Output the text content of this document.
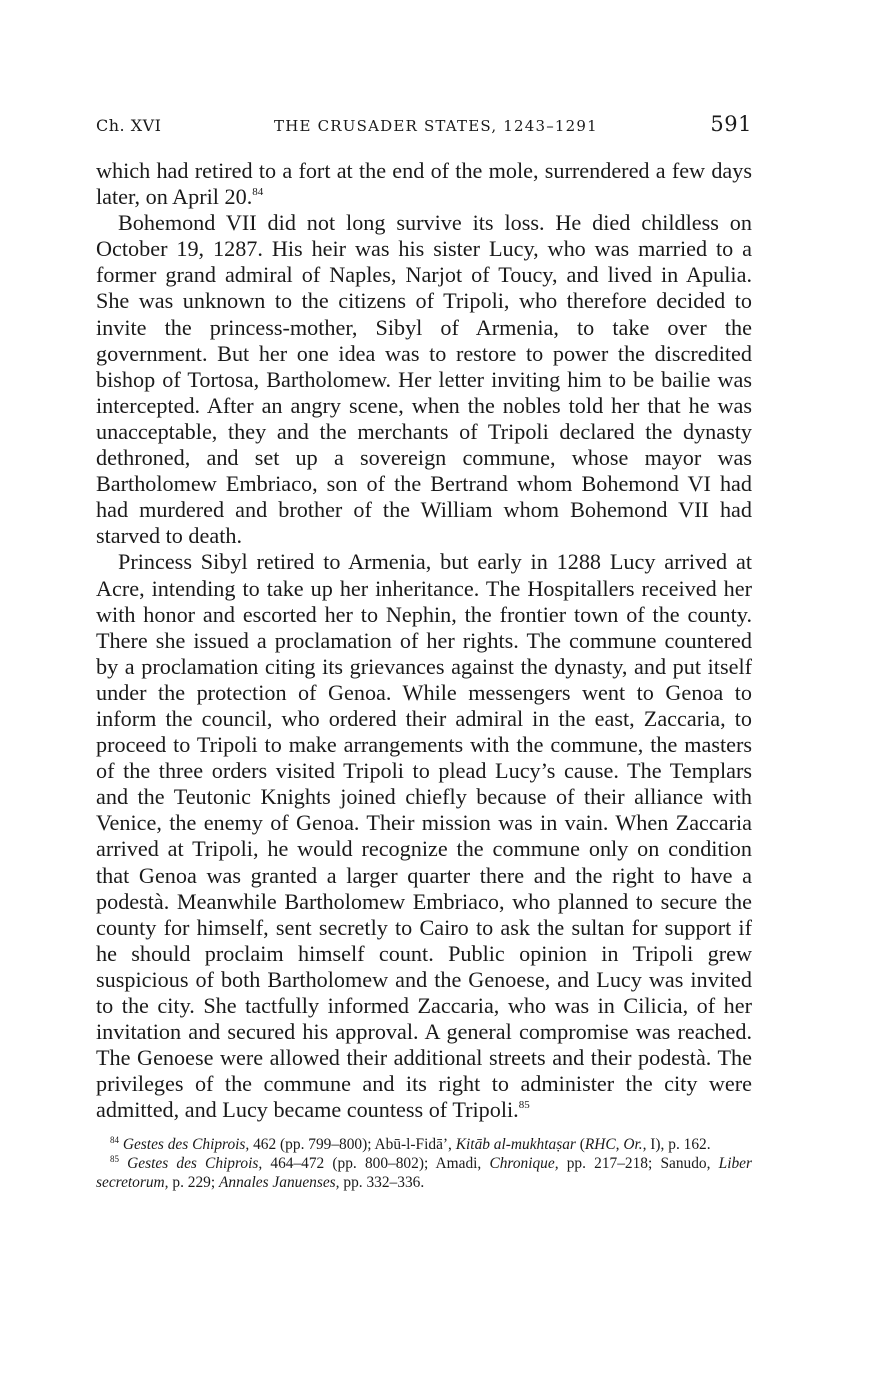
Ch. XVI	THE CRUSADER STATES, 1243–1291	591

which had retired to a fort at the end of the mole, surrendered a few days later, on April 20.84

Bohemond VII did not long survive its loss. He died childless on October 19, 1287. His heir was his sister Lucy, who was married to a former grand admiral of Naples, Narjot of Toucy, and lived in Apulia. She was unknown to the citizens of Tripoli, who therefore decided to invite the princess-mother, Sibyl of Armenia, to take over the government. But her one idea was to restore to power the discredited bishop of Tortosa, Bartholomew. Her letter inviting him to be bailie was intercepted. After an angry scene, when the nobles told her that he was unacceptable, they and the merchants of Tripoli declared the dynasty dethroned, and set up a sovereign commune, whose mayor was Bartholomew Embriaco, son of the Bertrand whom Bohemond VI had had murdered and brother of the William whom Bohemond VII had starved to death.

Princess Sibyl retired to Armenia, but early in 1288 Lucy arrived at Acre, intending to take up her inheritance. The Hospitallers received her with honor and escorted her to Nephin, the frontier town of the county. There she issued a proclamation of her rights. The commune countered by a proclamation citing its grievances against the dynasty, and put itself under the protection of Genoa. While messengers went to Genoa to inform the council, who ordered their admiral in the east, Zaccaria, to proceed to Tripoli to make arrangements with the commune, the masters of the three orders visited Tripoli to plead Lucy’s cause. The Templars and the Teutonic Knights joined chiefly because of their alliance with Venice, the enemy of Genoa. Their mission was in vain. When Zaccaria arrived at Tripoli, he would recognize the commune only on condition that Genoa was granted a larger quarter there and the right to have a podestà. Meanwhile Bartholomew Embriaco, who planned to secure the county for himself, sent secretly to Cairo to ask the sultan for support if he should proclaim himself count. Public opinion in Tripoli grew suspicious of both Bartholomew and the Genoese, and Lucy was invited to the city. She tactfully informed Zaccaria, who was in Cilicia, of her invitation and secured his approval. A general compromise was reached. The Genoese were allowed their additional streets and their podestà. The privileges of the commune and its right to administer the city were admitted, and Lucy became countess of Tripoli.$^{85}$

$^{84}$ Gestes des Chiprois, 462 (pp. 799–800); Abū-l-Fidā’, Kitāb al-mukhtaṣar (RHC, Or., I), p. 162.

$^{85}$ Gestes des Chiprois, 464–472 (pp. 800–802); Amadi, Chronique, pp. 217–218; Sanudo, Liber secretorum, p. 229; Annales Januenses, pp. 332–336.
